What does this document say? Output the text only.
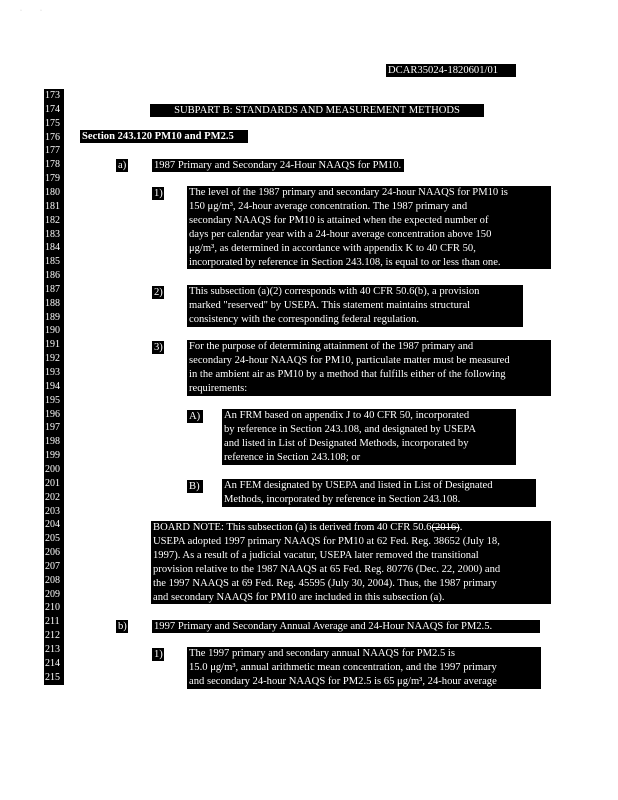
·            ·
DCAR35024-1820601/01
173
174
175
176
177
178
179
180
181
182
183
184
185
186
187
188
189
190
191
192
193
194
195
196
197
198
199
200
201
202
203
204
205
206
207
208
209
210
211
212
213
214
215
SUBPART B: STANDARDS AND MEASUREMENT METHODS
Section 243.120 PM10 and PM2.5
a)	1987 Primary and Secondary 24-Hour NAAQS for PM10.
1) The level of the 1987 primary and secondary 24-hour NAAQS for PM10 is
150 μg/m³, 24-hour average concentration. The 1987 primary and
secondary NAAQS for PM10 is attained when the expected number of
days per calendar year with a 24-hour average concentration above 150
μg/m³, as determined in accordance with appendix K to 40 CFR 50,
incorporated by reference in Section 243.108, is equal to or less than one.
2) This subsection (a)(2) corresponds with 40 CFR 50.6(b), a provision
marked "reserved" by USEPA. This statement maintains structural
consistency with the corresponding federal regulation.
3) For the purpose of determining attainment of the 1987 primary and
secondary 24-hour NAAQS for PM10, particulate matter must be measured
in the ambient air as PM10 by a method that fulfills either of the following
requirements:
A) An FRM based on appendix J to 40 CFR 50, incorporated
by reference in Section 243.108, and designated by USEPA
and listed in List of Designated Methods, incorporated by
reference in Section 243.108; or
B)	An FEM designated by USEPA and listed in List of Designated
Methods, incorporated by reference in Section 243.108.
BOARD NOTE: This subsection (a) is derived from 40 CFR 50.6(2016).
USEPA adopted 1997 primary NAAQS for PM10 at 62 Fed. Reg. 38652 (July 18,
1997). As a result of a judicial vacatur, USEPA later removed the transitional
provision relative to the 1987 NAAQS at 65 Fed. Reg. 80776 (Dec. 22, 2000) and
the 1997 NAAQS at 69 Fed. Reg. 45595 (July 30, 2004). Thus, the 1987 primary
and secondary NAAQS for PM10 are included in this subsection (a).
b)	1997 Primary and Secondary Annual Average and 24-Hour NAAQS for PM2.5.
1) The 1997 primary and secondary annual NAAQS for PM2.5 is
15.0 μg/m³, annual arithmetic mean concentration, and the 1997 primary
and secondary 24-hour NAAQS for PM2.5 is 65 μg/m³, 24-hour average
